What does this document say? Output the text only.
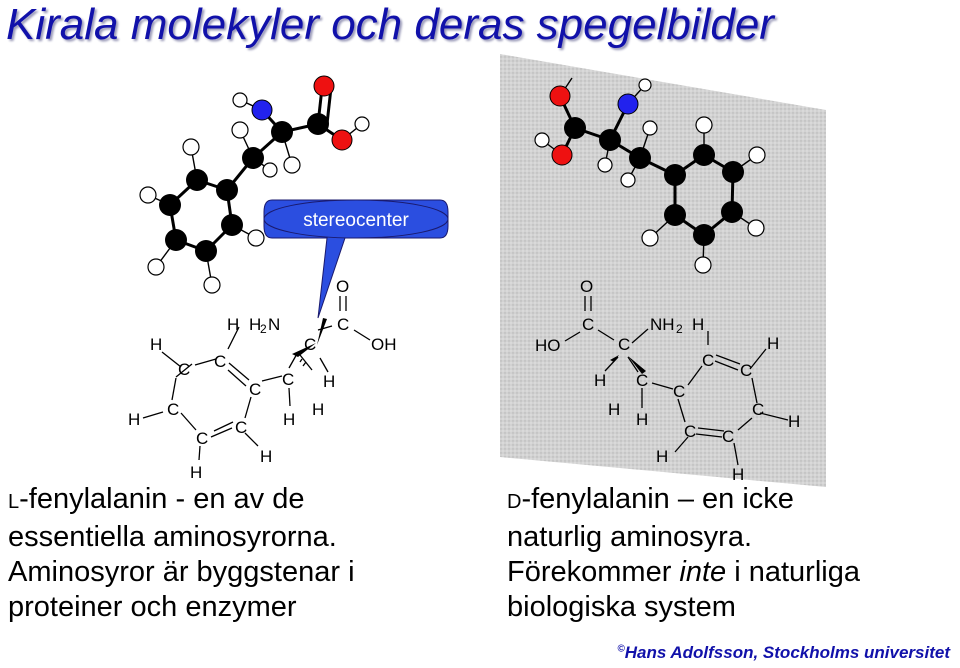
Kirala molekyler och deras spegelbilder
stereocenter
H
H H
2 N
C
C
O
OH
C
C
C
C H
C
H	H
H
C
C
H
H
O
HO
C
C
NH 2 H
H
C
C
H C
C
C
H
H
H
C C
H
H
L-fenylalanin - en av de
essentiella aminosyrorna.
Aminosyror är byggstenar i
proteiner och enzymer
D-fenylalanin – en icke
naturlig aminosyra.
Förekommer inte i naturliga
biologiska system
©Hans Adolfsson, Stockholms universitet
